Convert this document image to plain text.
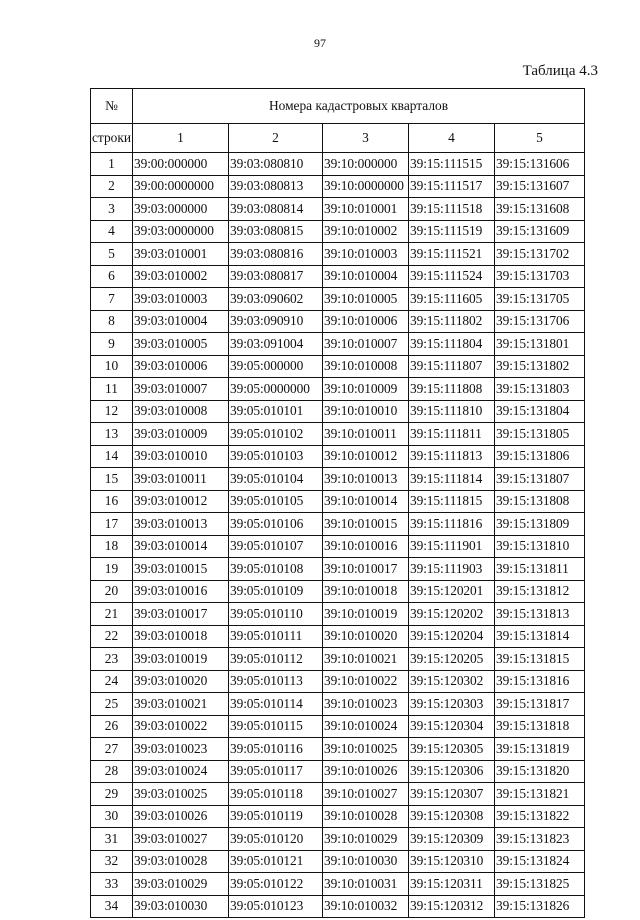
97
Таблица 4.3
№	Номера кадастровых кварталов				
строки	1	2	3	4	5
1	39:00:000000	39:03:080810	39:10:000000	39:15:111515	39:15:131606
2	39:00:0000000	39:03:080813	39:10:0000000	39:15:111517	39:15:131607
3	39:03:000000	39:03:080814	39:10:010001	39:15:111518	39:15:131608
4	39:03:0000000	39:03:080815	39:10:010002	39:15:111519	39:15:131609
5	39:03:010001	39:03:080816	39:10:010003	39:15:111521	39:15:131702
6	39:03:010002	39:03:080817	39:10:010004	39:15:111524	39:15:131703
7	39:03:010003	39:03:090602	39:10:010005	39:15:111605	39:15:131705
8	39:03:010004	39:03:090910	39:10:010006	39:15:111802	39:15:131706
9	39:03:010005	39:03:091004	39:10:010007	39:15:111804	39:15:131801
10	39:03:010006	39:05:000000	39:10:010008	39:15:111807	39:15:131802
11	39:03:010007	39:05:0000000	39:10:010009	39:15:111808	39:15:131803
12	39:03:010008	39:05:010101	39:10:010010	39:15:111810	39:15:131804
13	39:03:010009	39:05:010102	39:10:010011	39:15:111811	39:15:131805
14	39:03:010010	39:05:010103	39:10:010012	39:15:111813	39:15:131806
15	39:03:010011	39:05:010104	39:10:010013	39:15:111814	39:15:131807
16	39:03:010012	39:05:010105	39:10:010014	39:15:111815	39:15:131808
17	39:03:010013	39:05:010106	39:10:010015	39:15:111816	39:15:131809
18	39:03:010014	39:05:010107	39:10:010016	39:15:111901	39:15:131810
19	39:03:010015	39:05:010108	39:10:010017	39:15:111903	39:15:131811
20	39:03:010016	39:05:010109	39:10:010018	39:15:120201	39:15:131812
21	39:03:010017	39:05:010110	39:10:010019	39:15:120202	39:15:131813
22	39:03:010018	39:05:010111	39:10:010020	39:15:120204	39:15:131814
23	39:03:010019	39:05:010112	39:10:010021	39:15:120205	39:15:131815
24	39:03:010020	39:05:010113	39:10:010022	39:15:120302	39:15:131816
25	39:03:010021	39:05:010114	39:10:010023	39:15:120303	39:15:131817
26	39:03:010022	39:05:010115	39:10:010024	39:15:120304	39:15:131818
27	39:03:010023	39:05:010116	39:10:010025	39:15:120305	39:15:131819
28	39:03:010024	39:05:010117	39:10:010026	39:15:120306	39:15:131820
29	39:03:010025	39:05:010118	39:10:010027	39:15:120307	39:15:131821
30	39:03:010026	39:05:010119	39:10:010028	39:15:120308	39:15:131822
31	39:03:010027	39:05:010120	39:10:010029	39:15:120309	39:15:131823
32	39:03:010028	39:05:010121	39:10:010030	39:15:120310	39:15:131824
33	39:03:010029	39:05:010122	39:10:010031	39:15:120311	39:15:131825
34	39:03:010030	39:05:010123	39:10:010032	39:15:120312	39:15:131826
